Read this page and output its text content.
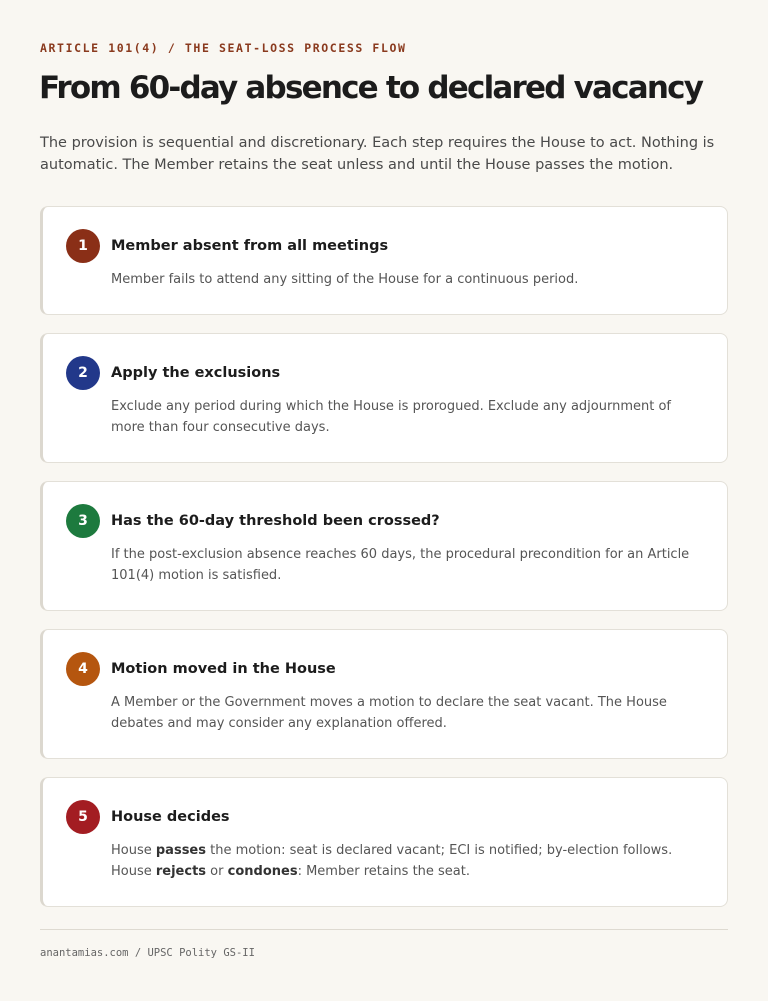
ARTICLE 101(4) / THE SEAT-LOSS PROCESS FLOW
From 60-day absence to declared vacancy

The provision is sequential and discretionary. Each step requires the House to act. Nothing is automatic. The Member retains the seat unless and until the House passes the motion.

1	Member absent from all meetings
Member fails to attend any sitting of the House for a continuous period.
2	Apply the exclusions
Exclude any period during which the House is prorogued. Exclude any adjournment of more than four consecutive days.
3	Has the 60-day threshold been crossed?
If the post-exclusion absence reaches 60 days, the procedural precondition for an Article 101(4) motion is satisfied.
4	Motion moved in the House
A Member or the Government moves a motion to declare the seat vacant. The House debates and may consider any explanation offered.
5	House decides
House passes the motion: seat is declared vacant; ECI is notified; by-election follows. House rejects or condones: Member retains the seat.
anantamias.com / UPSC Polity GS-II
